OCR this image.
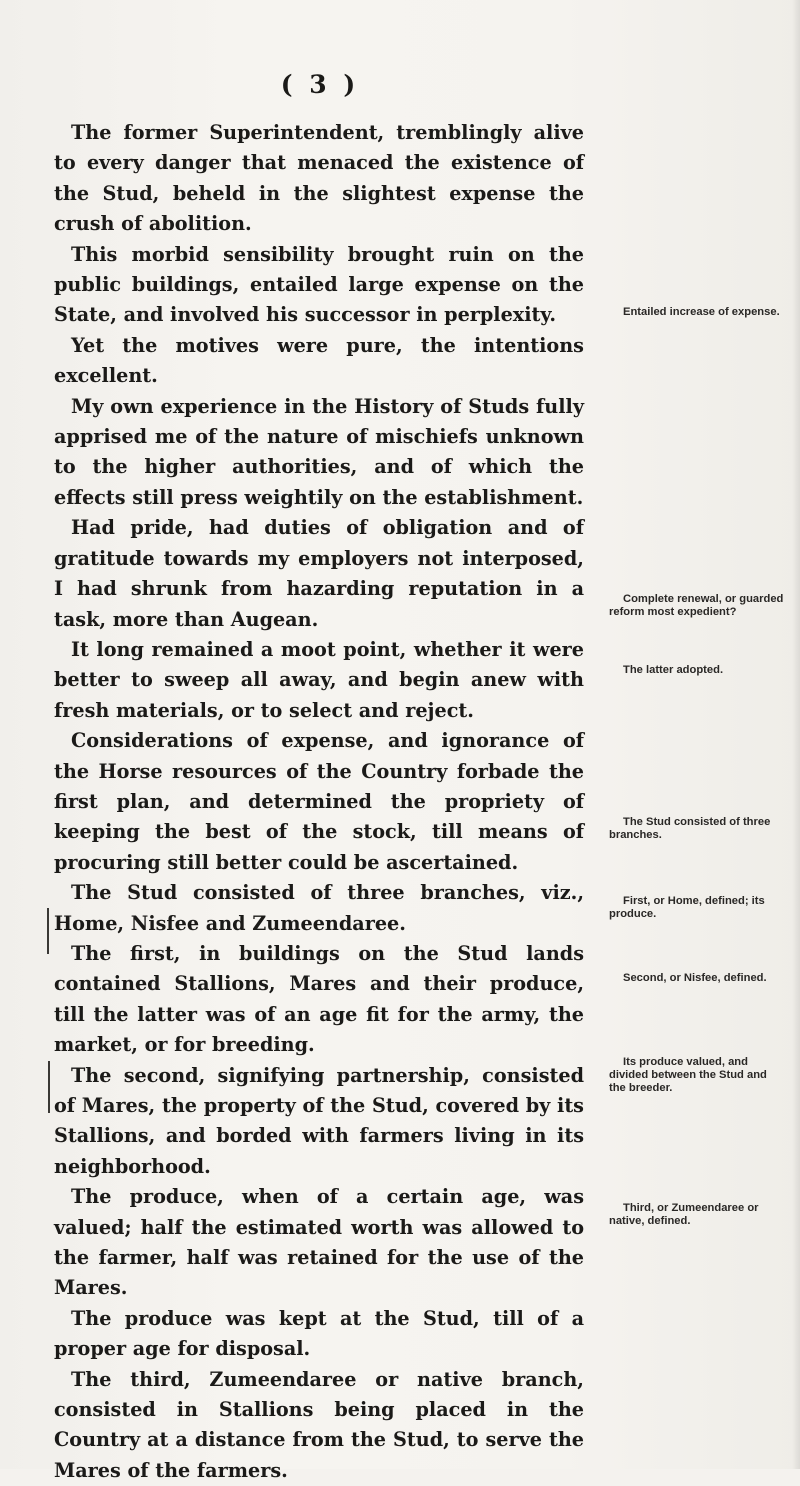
( 3 )

The former Superintendent, tremblingly alive to every danger that menaced the existence of the Stud, beheld in the slightest expense the crush of abolition.

This morbid sensibility brought ruin on the public buildings, entailed large expense on the State, and involved his successor in perplexity.

Yet the motives were pure, the intentions excellent.

My own experience in the History of Studs fully apprised me of the nature of mischiefs unknown to the higher authorities, and of which the effects still press weightily on the establishment.

Had pride, had duties of obligation and of gratitude towards my employers not interposed, I had shrunk from hazarding reputation in a task, more than Augean.

It long remained a moot point, whether it were better to sweep all away, and begin anew with fresh materials, or to select and reject.

Considerations of expense, and ignorance of the Horse resources of the Country forbade the first plan, and determined the propriety of keeping the best of the stock, till means of procuring still better could be ascertained.

The Stud consisted of three branches, viz., Home, Nisfee and Zumeendaree.

The first, in buildings on the Stud lands contained Stallions, Mares and their produce, till the latter was of an age fit for the army, the market, or for breeding.

The second, signifying partnership, consisted of Mares, the property of the Stud, covered by its Stallions, and borded with farmers living in its neighborhood.

The produce, when of a certain age, was valued; half the estimated worth was allowed to the farmer, half was retained for the use of the Mares.

The produce was kept at the Stud, till of a proper age for disposal.

The third, Zumeendaree or native branch, consisted in Stallions being placed in the Country at a distance from the Stud, to serve the Mares of the farmers.

Entailed increase of expense.
Complete renewal, or guarded reform most expedient?
The latter adopted.
The Stud consisted of three branches.
First, or Home, defined; its produce.
Second, or Nisfee, defined.
Its produce valued, and divided between the Stud and the breeder.
Third, or Zumeendaree or native, defined.
